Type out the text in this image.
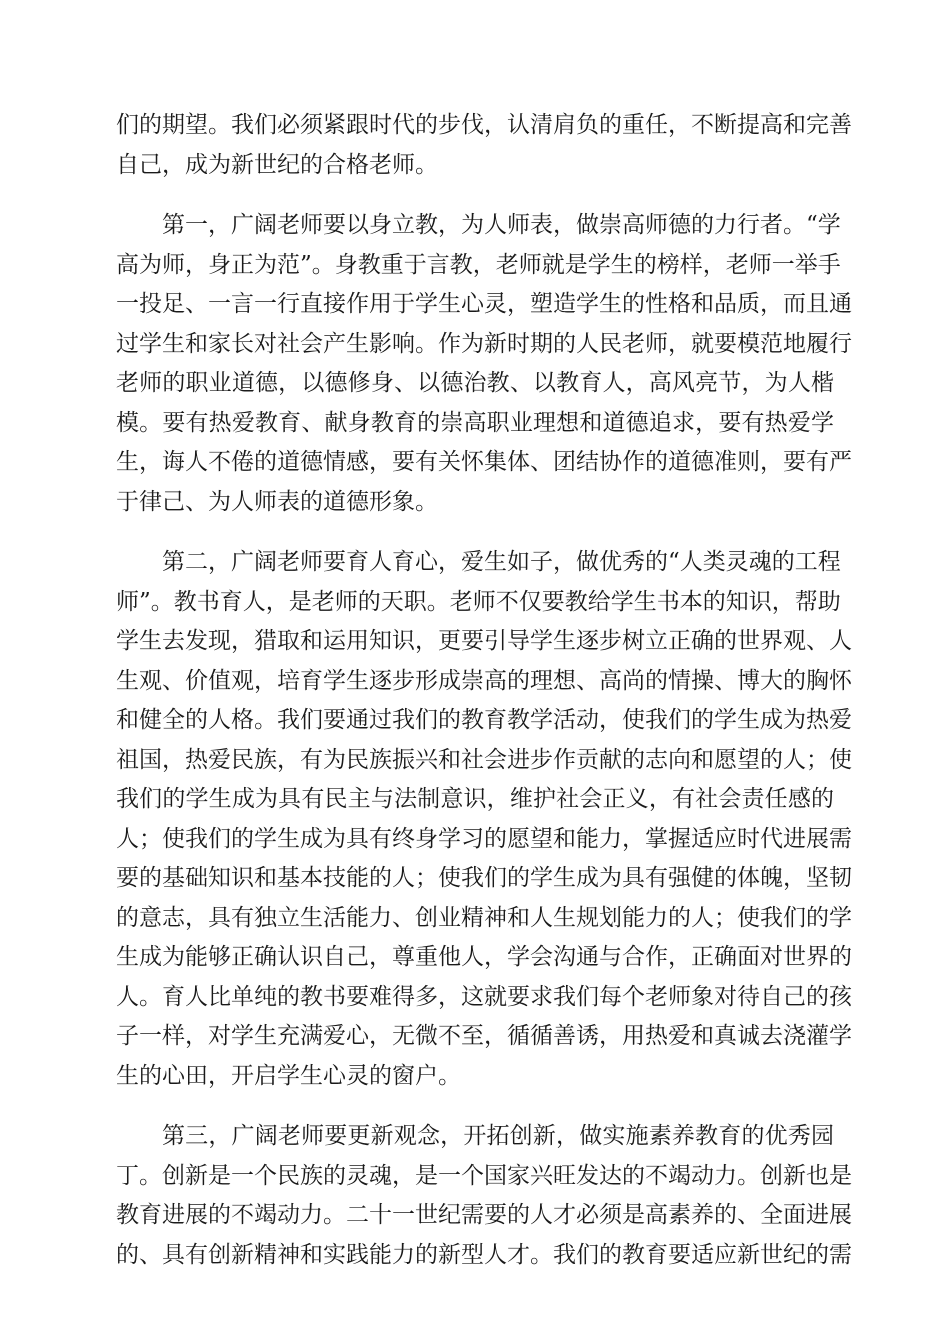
们的期望。我们必须紧跟时代的步伐，认清肩负的重任，不断提高和完善
自己，成为新世纪的合格老师。
第一，广阔老师要以身立教，为人师表，做崇高师德的力行者。“学
高为师，身正为范”。身教重于言教，老师就是学生的榜样，老师一举手
一投足、一言一行直接作用于学生心灵，塑造学生的性格和品质，而且通
过学生和家长对社会产生影响。作为新时期的人民老师，就要模范地履行
老师的职业道德，以德修身、以德治教、以教育人，高风亮节，为人楷
模。要有热爱教育、献身教育的崇高职业理想和道德追求，要有热爱学
生，诲人不倦的道德情感，要有关怀集体、团结协作的道德准则，要有严
于律己、为人师表的道德形象。
第二，广阔老师要育人育心，爱生如子，做优秀的“人类灵魂的工程
师”。教书育人，是老师的天职。老师不仅要教给学生书本的知识，帮助
学生去发现，猎取和运用知识，更要引导学生逐步树立正确的世界观、人
生观、价值观，培育学生逐步形成崇高的理想、高尚的情操、博大的胸怀
和健全的人格。我们要通过我们的教育教学活动，使我们的学生成为热爱
祖国，热爱民族，有为民族振兴和社会进步作贡献的志向和愿望的人；使
我们的学生成为具有民主与法制意识，维护社会正义，有社会责任感的
人；使我们的学生成为具有终身学习的愿望和能力，掌握适应时代进展需
要的基础知识和基本技能的人；使我们的学生成为具有强健的体魄，坚韧
的意志，具有独立生活能力、创业精神和人生规划能力的人；使我们的学
生成为能够正确认识自己，尊重他人，学会沟通与合作，正确面对世界的
人。育人比单纯的教书要难得多，这就要求我们每个老师象对待自己的孩
子一样，对学生充满爱心，无微不至，循循善诱，用热爱和真诚去浇灌学
生的心田，开启学生心灵的窗户。
第三，广阔老师要更新观念，开拓创新，做实施素养教育的优秀园
丁。创新是一个民族的灵魂，是一个国家兴旺发达的不竭动力。创新也是
教育进展的不竭动力。二十一世纪需要的人才必须是高素养的、全面进展
的、具有创新精神和实践能力的新型人才。我们的教育要适应新世纪的需
